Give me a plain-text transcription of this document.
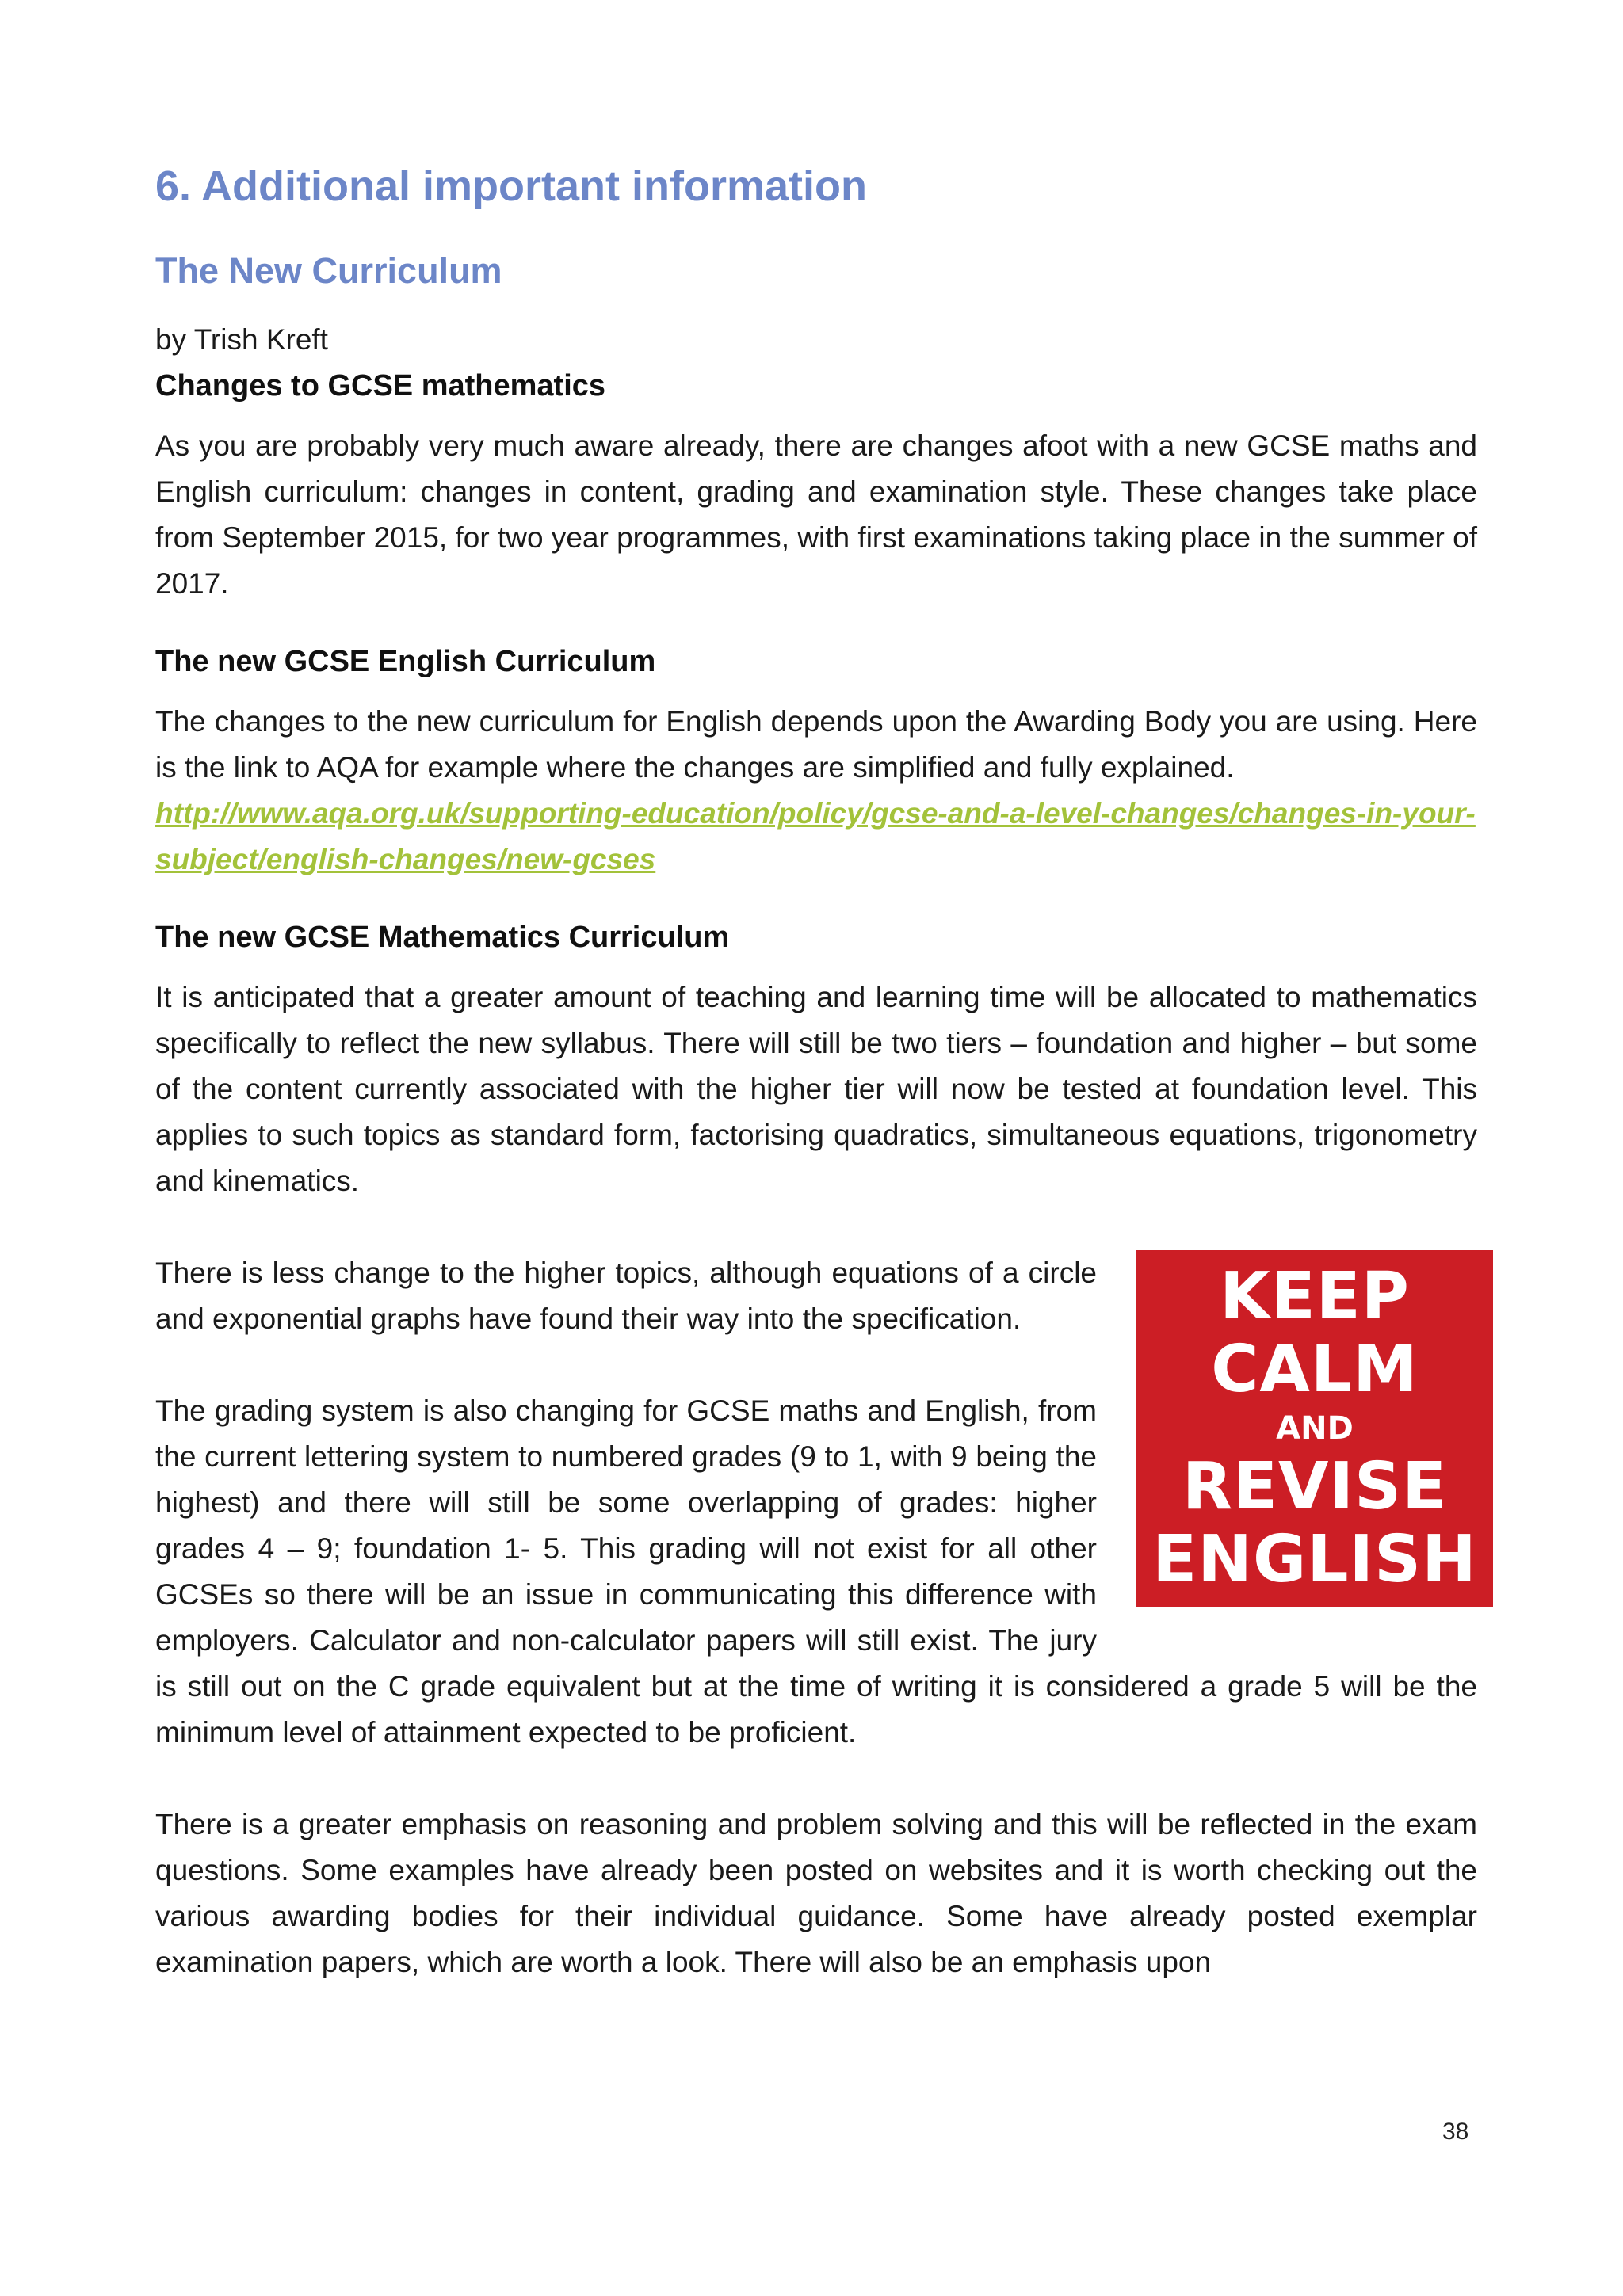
6. Additional important information
The New Curriculum
by Trish Kreft
Changes to GCSE mathematics

As you are probably very much aware already, there are changes afoot with a new GCSE maths and English curriculum: changes in content, grading and examination style. These changes take place from September 2015, for two year programmes, with first examinations taking place in the summer of 2017.

The new GCSE English Curriculum

The changes to the new curriculum for English depends upon the Awarding Body you are using. Here is the link to AQA for example where the changes are simplified and fully explained.

http://www.aqa.org.uk/supporting-education/policy/gcse-and-a-level-changes/changes-in-your-subject/english-changes/new-gcses
The new GCSE Mathematics Curriculum

It is anticipated that a greater amount of teaching and learning time will be allocated to mathematics specifically to reflect the new syllabus. There will still be two tiers – foundation and higher – but some of the content currently associated with the higher tier will now be tested at foundation level. This applies to such topics as standard form, factorising quadratics, simultaneous equations, trigonometry and kinematics.

KEEP
CALM
AND
REVISE
ENGLISH

There is less change to the higher topics, although equations of a circle and exponential graphs have found their way into the specification.

The grading system is also changing for GCSE maths and English, from the current lettering system to numbered grades (9 to 1, with 9 being the highest) and there will still be some overlapping of grades: higher grades 4 – 9; foundation 1- 5. This grading will not exist for all other GCSEs so there will be an issue in communicating this difference with employers. Calculator and non-calculator papers will still exist. The jury is still out on the C grade equivalent but at the time of writing it is considered a grade 5 will be the minimum level of attainment expected to be proficient.

There is a greater emphasis on reasoning and problem solving and this will be reflected in the exam questions. Some examples have already been posted on websites and it is worth checking out the various awarding bodies for their individual guidance. Some have already posted exemplar examination papers, which are worth a look. There will also be an emphasis upon

38
